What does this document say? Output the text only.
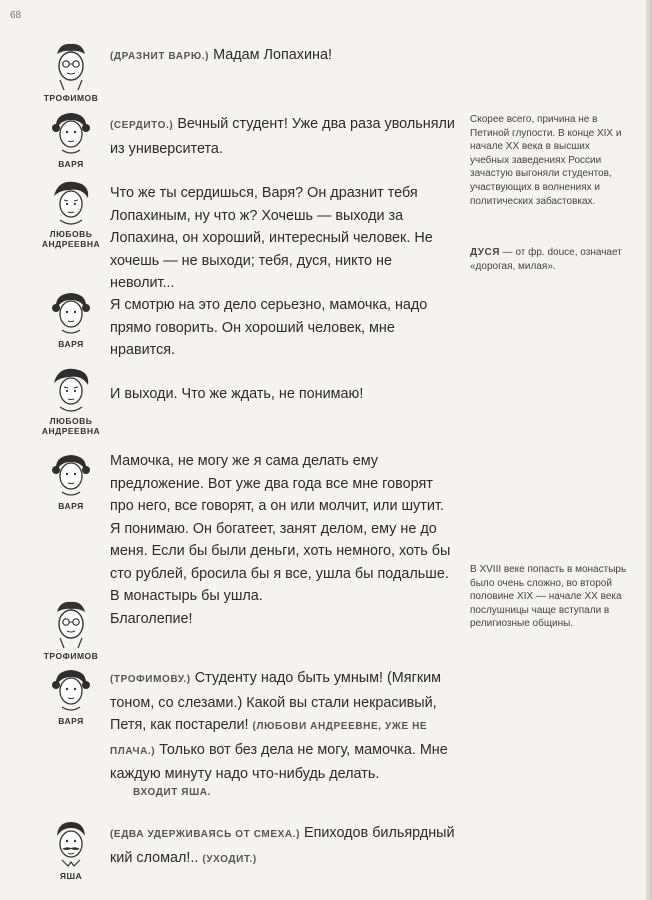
68
ТРОФИМОВ
ВАРЯ
ЛЮБОВЬ АНДРЕЕВНА
ВАРЯ
ЛЮБОВЬ АНДРЕЕВНА
ВАРЯ
ТРОФИМОВ
ВАРЯ
ЯША
(ДРАЗНИТ ВАРЮ.) Мадам Лопахина!
(СЕРДИТО.) Вечный студент! Уже два раза увольняли из университета.
Что же ты сердишься, Варя? Он дразнит тебя Лопахиным, ну что ж? Хочешь — выходи за Лопахина, он хороший, интересный человек. Не хочешь — не выходи; тебя, дуся, никто не неволит...
Я смотрю на это дело серьезно, мамочка, надо прямо говорить. Он хороший человек, мне нравится.
И выходи. Что же ждать, не понимаю!
Мамочка, не могу же я сама делать ему предложение. Вот уже два года все мне говорят про него, все говорят, а он или молчит, или шутит. Я понимаю. Он богатеет, занят делом, ему не до меня. Если бы были деньги, хоть немного, хоть бы сто рублей, бросила бы я все, ушла бы подальше. В монастырь бы ушла.
Благолепие!
(ТРОФИМОВУ.) Студенту надо быть умным! (Мягким тоном, со слезами.) Какой вы стали некрасивый, Петя, как постарели! (ЛЮБОВИ АНДРЕЕВНЕ, УЖЕ НЕ ПЛАЧА.) Только вот без дела не могу, мамочка. Мне каждую минуту надо что-нибудь делать.
ВХОДИТ ЯША.
(ЕДВА УДЕРЖИВАЯСЬ ОТ СМЕХА.) Епиходов бильярдный кий сломал!.. (УХОДИТ.)
Скорее всего, причина не в Петиной глупости. В конце XIX и начале XX века в высших учебных заведениях России зачастую выгоняли студентов, участвующих в волнениях и политических забастовках.
ДУСЯ — от фр. douce, означает «дорогая, милая».
В XVIII веке попасть в монастырь было очень сложно, во второй половине XIX — начале XX века послушницы чаще вступали в религиозные общины.
